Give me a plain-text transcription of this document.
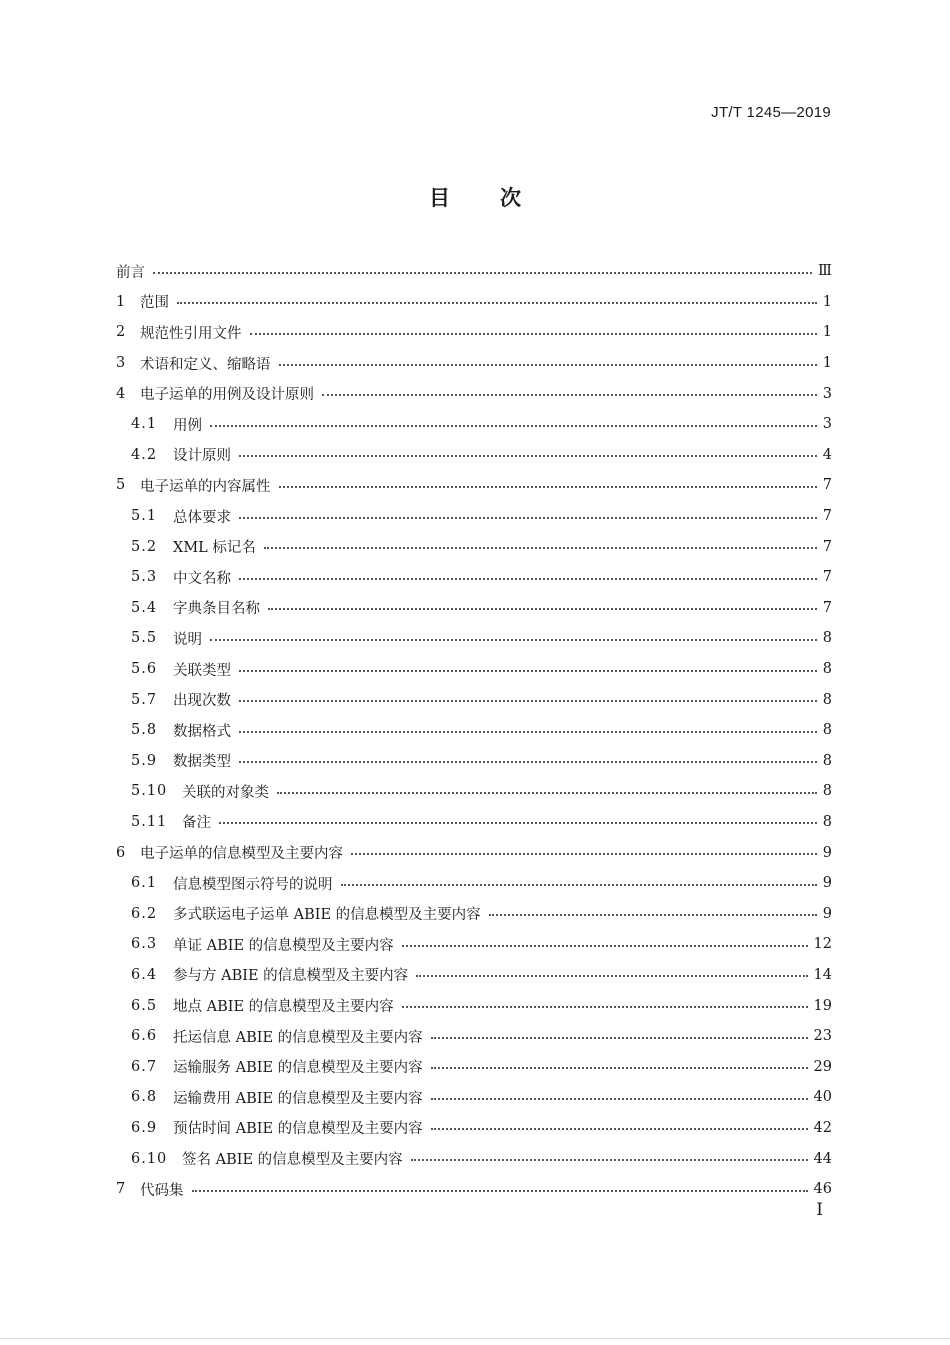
JT/T 1245—2019
目 次
前言	Ⅲ
1 范围	1
2 规范性引用文件	1
3 术语和定义、缩略语	1
4 电子运单的用例及设计原则	3
4.1	用例	3
4.2	设计原则	4
5 电子运单的内容属性	7
5.1	总体要求	7
5.2	XML 标记名	7
5.3	中文名称	7
5.4	字典条目名称	7
5.5	说明	8
5.6	关联类型	8
5.7	出现次数	8
5.8	数据格式	8
5.9	数据类型	8
5.10	关联的对象类	8
5.11	备注	8
6 电子运单的信息模型及主要内容	9
6.1	信息模型图示符号的说明	9
6.2	多式联运电子运单 ABIE 的信息模型及主要内容	9
6.3	单证 ABIE 的信息模型及主要内容	12
6.4	参与方 ABIE 的信息模型及主要内容	14
6.5	地点 ABIE 的信息模型及主要内容	19
6.6	托运信息 ABIE 的信息模型及主要内容	23
6.7	运输服务 ABIE 的信息模型及主要内容	29
6.8	运输费用 ABIE 的信息模型及主要内容	40
6.9	预估时间 ABIE 的信息模型及主要内容	42
6.10	签名 ABIE 的信息模型及主要内容	44
7 代码集	46
I
